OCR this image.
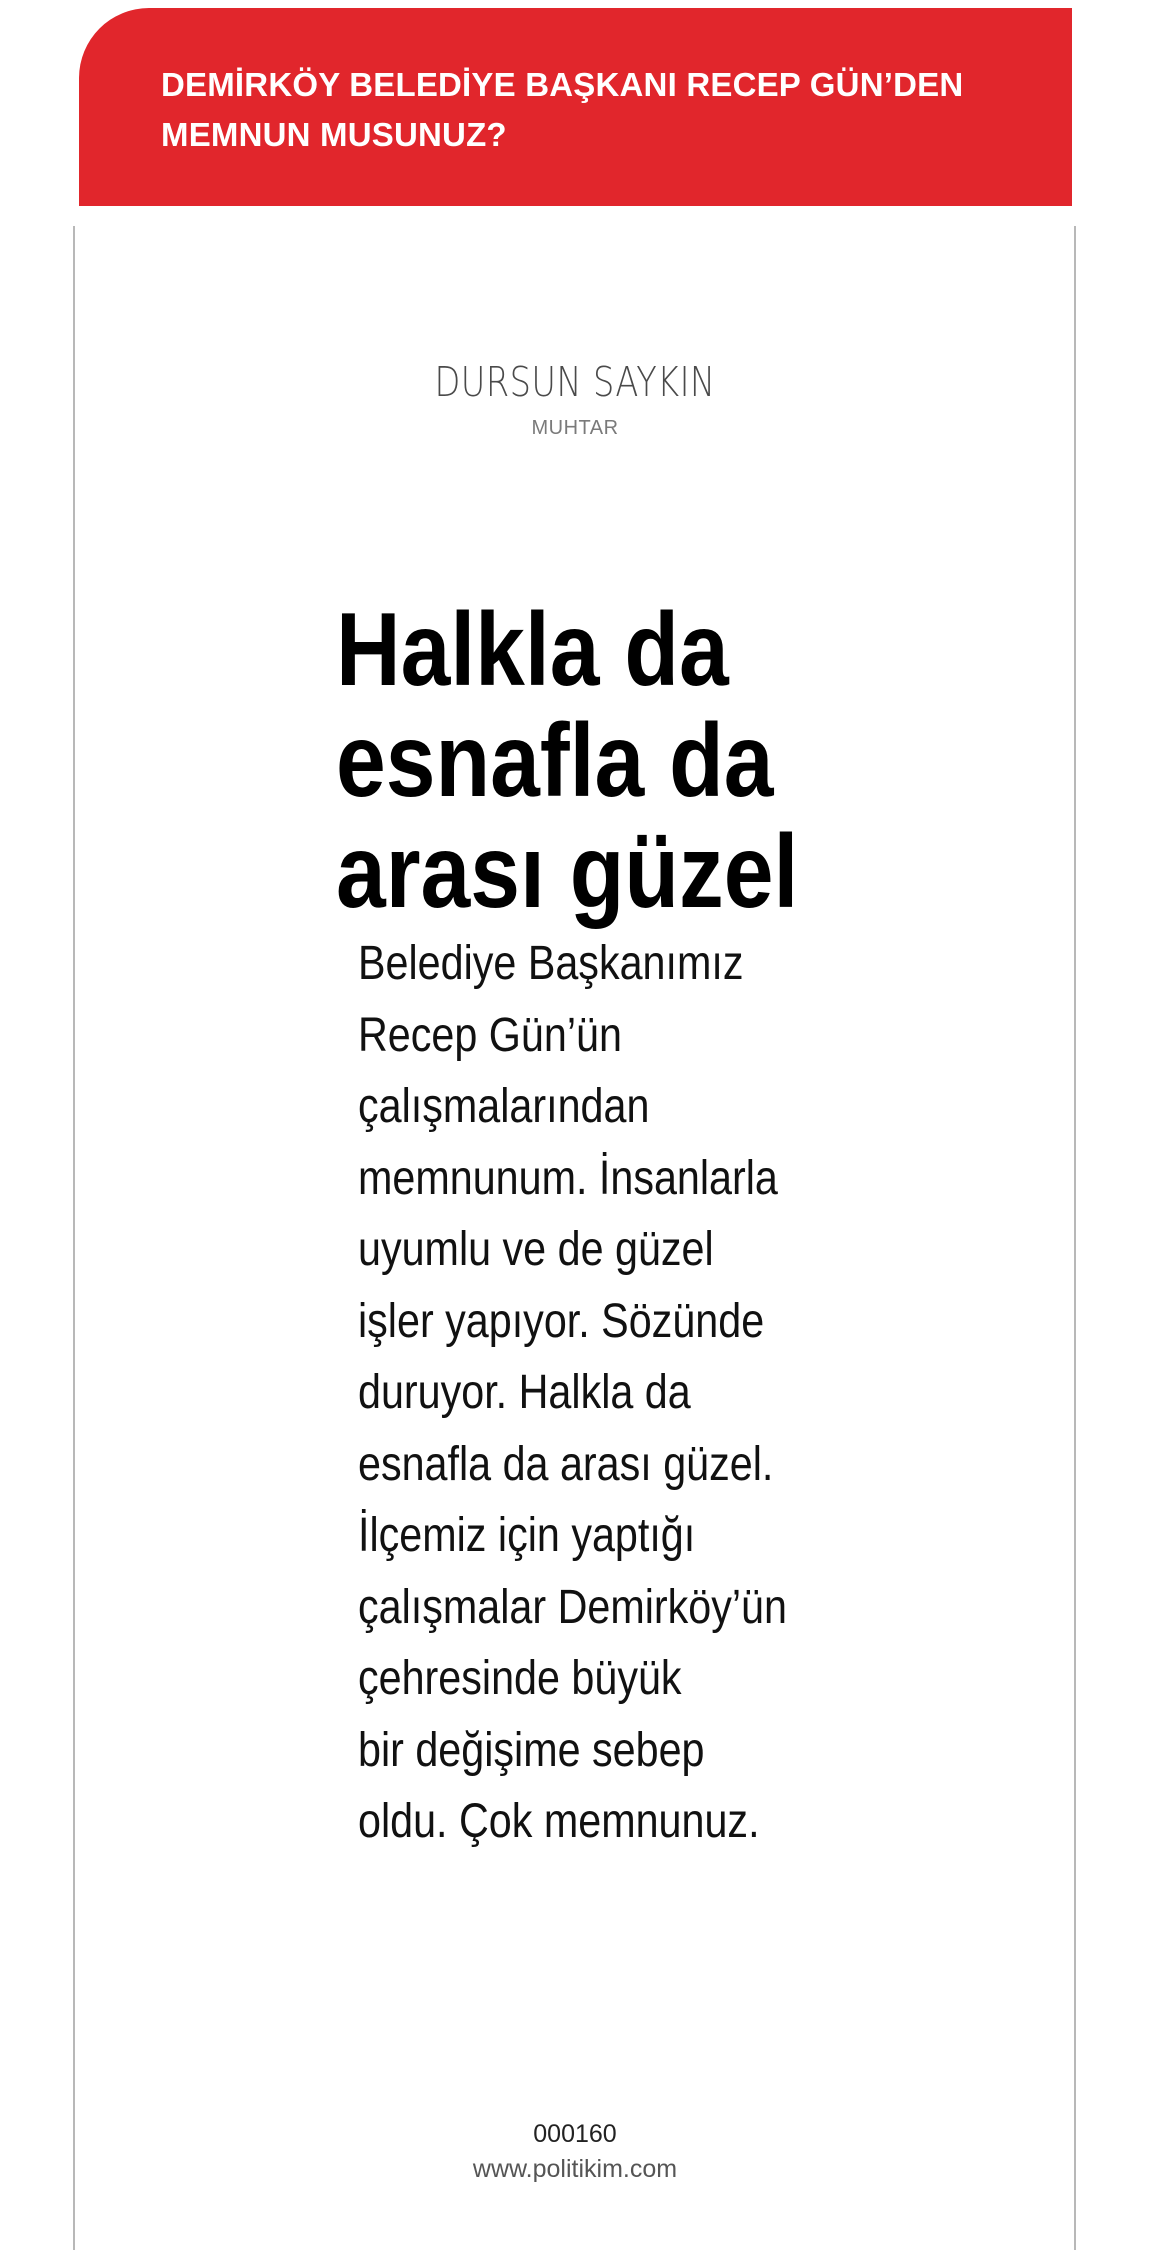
DEMİRKÖY BELEDİYE BAŞKANI RECEP GÜN’DEN MEMNUN MUSUNUZ?
DURSUN SAYKIN
MUHTAR
Halkla da esnafla da arası güzel

Belediye Başkanımız
Recep Gün’ün
çalışmalarından
memnunum. İnsanlarla
uyumlu ve de güzel
işler yapıyor. Sözünde
duruyor. Halkla da
esnafla da arası güzel.
İlçemiz için yaptığı
çalışmalar Demirköy’ün
çehresinde büyük
bir değişime sebep
oldu. Çok memnunuz.

000160
www.politikim.com
